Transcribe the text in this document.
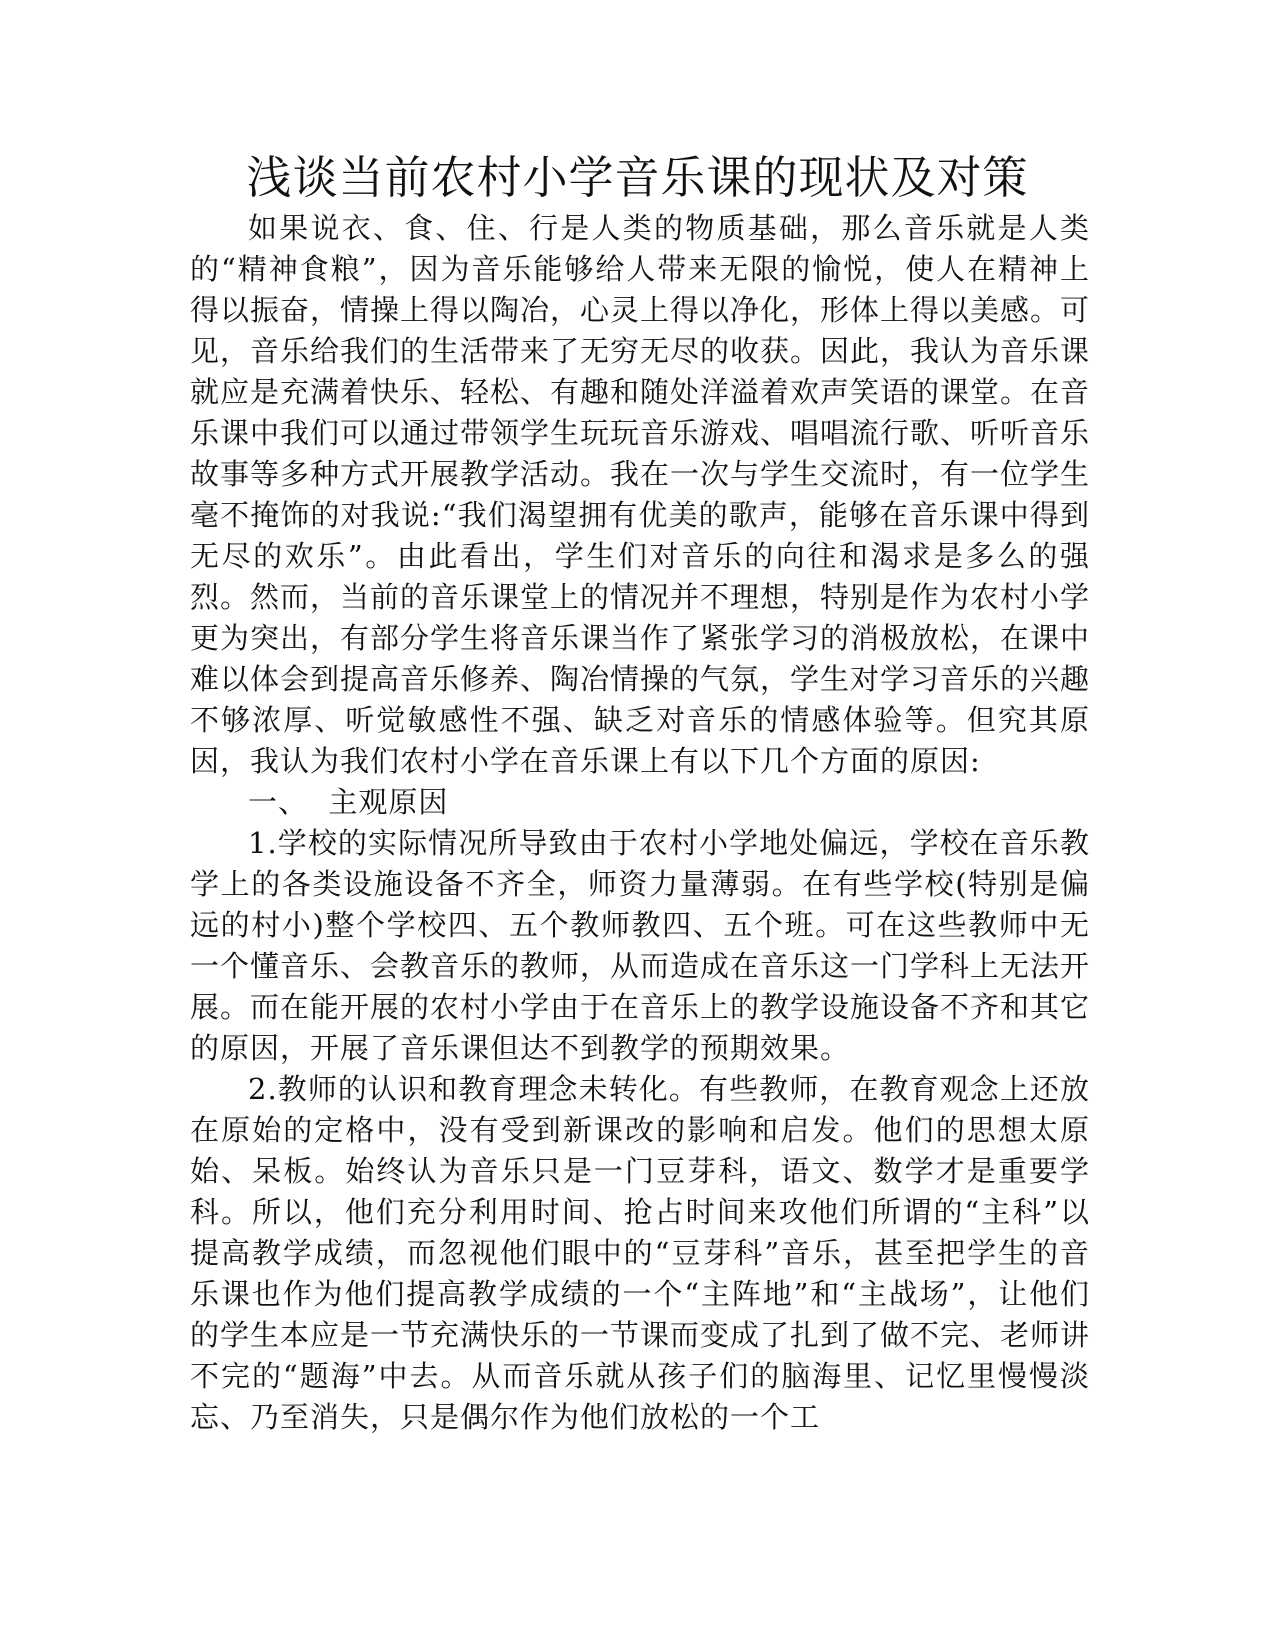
浅谈当前农村小学音乐课的现状及对策

如果说衣、食、住、行是人类的物质基础，那么音乐就是人类的“精神食粮”，因为音乐能够给人带来无限的愉悦，使人在精神上得以振奋，情操上得以陶冶，心灵上得以净化，形体上得以美感。可见，音乐给我们的生活带来了无穷无尽的收获。因此，我认为音乐课就应是充满着快乐、轻松、有趣和随处洋溢着欢声笑语的课堂。在音乐课中我们可以通过带领学生玩玩音乐游戏、唱唱流行歌、听听音乐故事等多种方式开展教学活动。我在一次与学生交流时，有一位学生毫不掩饰的对我说:“我们渴望拥有优美的歌声，能够在音乐课中得到无尽的欢乐”。由此看出，学生们对音乐的向往和渴求是多么的强烈。然而，当前的音乐课堂上的情况并不理想，特别是作为农村小学更为突出，有部分学生将音乐课当作了紧张学习的消极放松，在课中难以体会到提高音乐修养、陶冶情操的气氛，学生对学习音乐的兴趣不够浓厚、听觉敏感性不强、缺乏对音乐的情感体验等。但究其原因，我认为我们农村小学在音乐课上有以下几个方面的原因:

一、  主观原因

1.学校的实际情况所导致由于农村小学地处偏远，学校在音乐教学上的各类设施设备不齐全，师资力量薄弱。在有些学校(特别是偏远的村小)整个学校四、五个教师教四、五个班。可在这些教师中无一个懂音乐、会教音乐的教师，从而造成在音乐这一门学科上无法开展。而在能开展的农村小学由于在音乐上的教学设施设备不齐和其它的原因，开展了音乐课但达不到教学的预期效果。

2.教师的认识和教育理念未转化。有些教师，在教育观念上还放在原始的定格中，没有受到新课改的影响和启发。他们的思想太原始、呆板。始终认为音乐只是一门豆芽科，语文、数学才是重要学科。所以，他们充分利用时间、抢占时间来攻他们所谓的“主科”以提高教学成绩，而忽视他们眼中的“豆芽科”音乐，甚至把学生的音乐课也作为他们提高教学成绩的一个“主阵地”和“主战场”，让他们的学生本应是一节充满快乐的一节课而变成了扎到了做不完、老师讲不完的“题海”中去。从而音乐就从孩子们的脑海里、记忆里慢慢淡忘、乃至消失，只是偶尔作为他们放松的一个工
